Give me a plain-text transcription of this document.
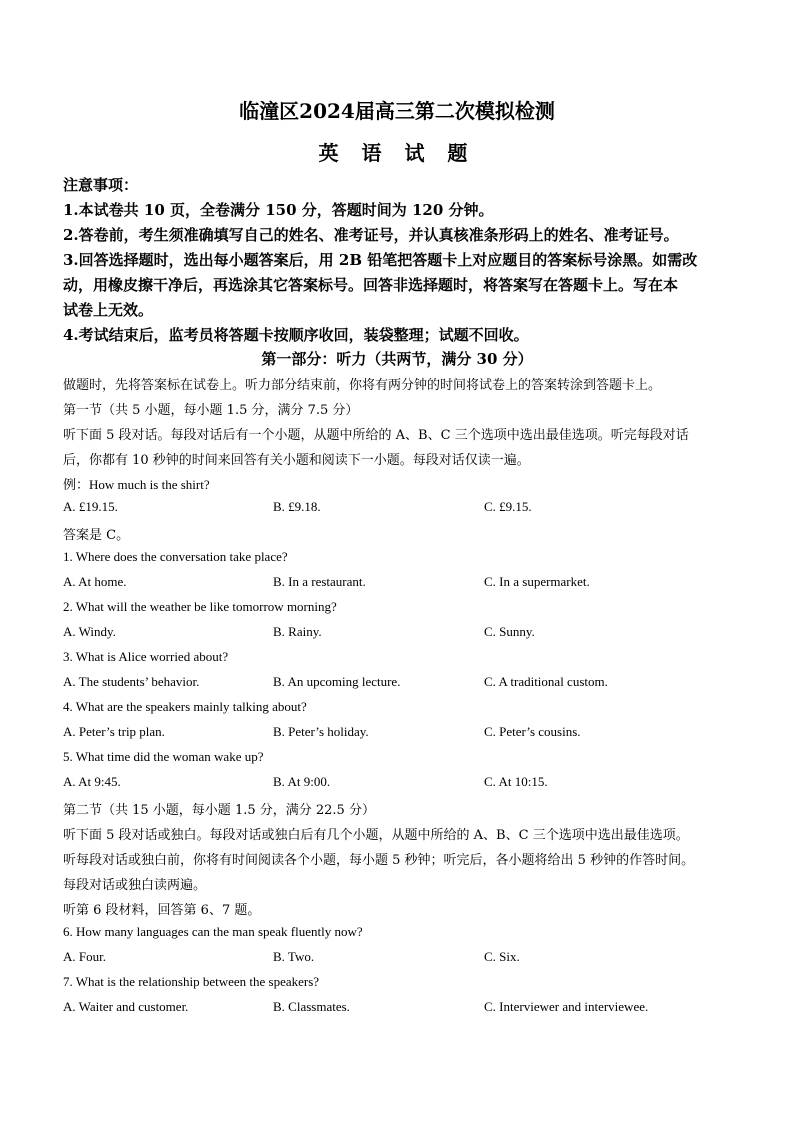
临潼区2024届高三第二次模拟检测
英 语 试 题
注意事项：
1.本试卷共 10 页，全卷满分 150 分，答题时间为 120 分钟。
2.答卷前，考生须准确填写自己的姓名、准考证号，并认真核准条形码上的姓名、准考证号。
3.回答选择题时，选出每小题答案后，用 2B 铅笔把答题卡上对应题目的答案标号涂黑。如需改
动，用橡皮擦干净后，再选涂其它答案标号。回答非选择题时，将答案写在答题卡上。写在本
试卷上无效。
4.考试结束后，监考员将答题卡按顺序收回，装袋整理；试题不回收。
第一部分：听力（共两节，满分 30 分）
做题时，先将答案标在试卷上。听力部分结束前，你将有两分钟的时间将试卷上的答案转涂到答题卡上。
第一节（共 5 小题，每小题 1.5 分，满分 7.5 分）
听下面 5 段对话。每段对话后有一个小题，从题中所给的 A、B、C 三个选项中选出最佳选项。听完每段对话
后，你都有 10 秒钟的时间来回答有关小题和阅读下一小题。每段对话仅读一遍。
例：How much is the shirt?
A. £19.15.	B. £9.18.	C. £9.15.
答案是 C。
1. Where does the conversation take place?
A. At home.	B. In a restaurant.	C. In a supermarket.
2. What will the weather be like tomorrow morning?
A. Windy.	B. Rainy.	C. Sunny.
3. What is Alice worried about?
A. The students’ behavior.	B. An upcoming lecture.	C. A traditional custom.
4. What are the speakers mainly talking about?
A. Peter’s trip plan.	B. Peter’s holiday.	C. Peter’s cousins.
5. What time did the woman wake up?
A. At 9:45.	B. At 9:00.	C. At 10:15.
第二节（共 15 小题，每小题 1.5 分，满分 22.5 分）
听下面 5 段对话或独白。每段对话或独白后有几个小题，从题中所给的 A、B、C 三个选项中选出最佳选项。
听每段对话或独白前，你将有时间阅读各个小题，每小题 5 秒钟；听完后，各小题将给出 5 秒钟的作答时间。
每段对话或独白读两遍。
听第 6 段材料，回答第 6、7 题。
6. How many languages can the man speak fluently now?
A. Four.	B. Two.	C. Six.
7. What is the relationship between the speakers?
A. Waiter and customer.	B. Classmates.	C. Interviewer and interviewee.
